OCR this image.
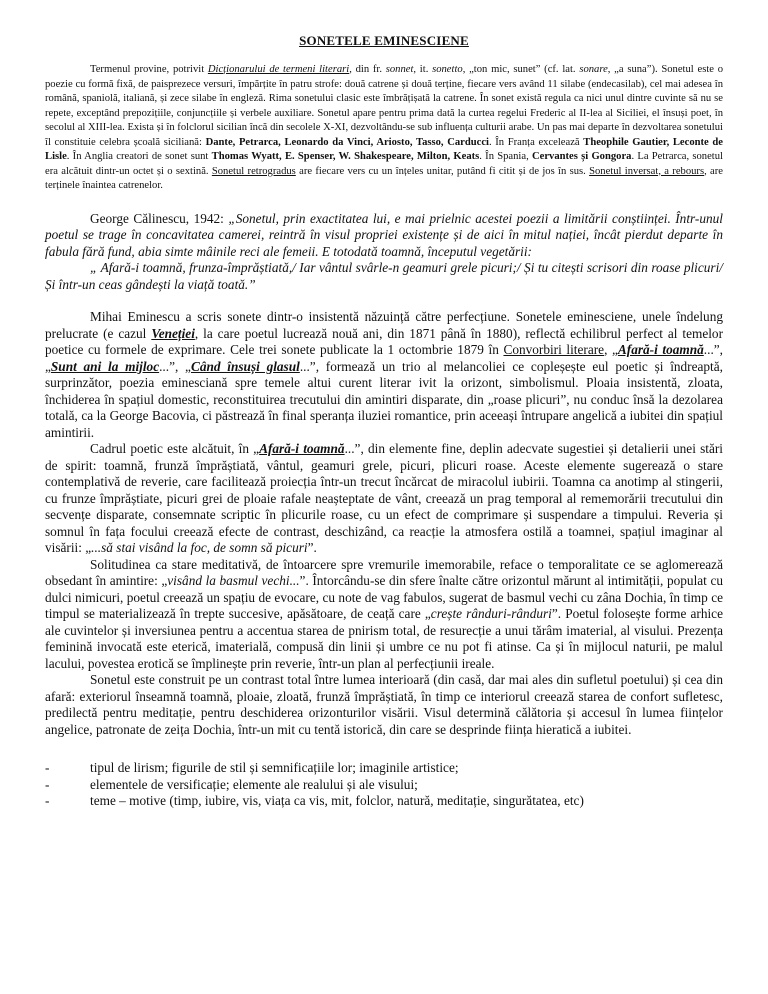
SONETELE EMINESCIENE

Termenul provine, potrivit Dicționarului de termeni literari, din fr. sonnet, it. sonetto, „ton mic, sunet” (cf. lat. sonare, „a suna”). Sonetul este o poezie cu formă fixă, de paisprezece versuri, împărțite în patru strofe: două catrene și două terține, fiecare vers având 11 silabe (endecasilab), cel mai adesea în română, spaniolă, italiană, și zece silabe în engleză. Rima sonetului clasic este îmbrățișată la catrene. În sonet există regula ca nici unul dintre cuvinte să nu se repete, exceptând prepozițiile, conjuncțiile și verbele auxiliare. Sonetul apare pentru prima dată la curtea regelui Frederic al II-lea al Siciliei, el însuși poet, în secolul al XIII-lea. Exista și în folclorul sicilian încă din secolele X-XI, dezvoltându-se sub influența culturii arabe. Un pas mai departe în dezvoltarea sonetului îl constituie celebra școală siciliană: Dante, Petrarca, Leonardo da Vinci, Ariosto, Tasso, Carducci. În Franța excelează Theophile Gautier, Leconte de Lisle. În Anglia creatori de sonet sunt Thomas Wyatt, E. Spenser, W. Shakespeare, Milton, Keats. În Spania, Cervantes și Gongora. La Petrarca, sonetul era alcătuit dintr-un octet și o sextină. Sonetul retrogradus are fiecare vers cu un înțeles unitar, putând fi citit și de jos în sus. Sonetul inversat, a rebours, are terținele înaintea catrenelor.

George Călinescu, 1942: „Sonetul, prin exactitatea lui, e mai prielnic acestei poezii a limitării conștiinței. Într-unul poetul se trage în concavitatea camerei, reintră în visul propriei existențe și de aici în mitul nației, încât pierdut departe în fabula fără fund, abia simte mâinile reci ale femeii. E totodată toamnă, începutul vegetării:

„ Afară-i toamnă, frunza-împrăștiată,/ Iar vântul svârle-n geamuri grele picuri;/ Și tu citești scrisori din roase plicuri/ Și într-un ceas gândești la viață toată.”

Mihai Eminescu a scris sonete dintr-o insistentă năzuință către perfecțiune. Sonetele eminesciene, unele îndelung prelucrate (e cazul Veneției, la care poetul lucrează nouă ani, din 1871 până în 1880), reflectă echilibrul perfect al temelor poetice cu formele de exprimare. Cele trei sonete publicate la 1 octombrie 1879 în Convorbiri literare, „Afară-i toamnă...”, „Sunt ani la mijloc...”, „Când însuși glasul...”, formează un trio al melancoliei ce copleșește eul poetic și îndreaptă, surprinzător, poezia eminesciană spre temele altui curent literar ivit la orizont, simbolismul. Ploaia insistentă, zloata, închiderea în spațiul domestic, reconstituirea trecutului din amintiri disparate, din „roase plicuri”, nu conduc însă la dezolarea totală, ca la George Bacovia, ci păstrează în final speranța iluziei romantice, prin aceeași întrupare angelică a iubitei din spațiul amintirii.

Cadrul poetic este alcătuit, în „Afară-i toamnă...”, din elemente fine, deplin adecvate sugestiei și detalierii unei stări de spirit: toamnă, frunză împrăștiată, vântul, geamuri grele, picuri, plicuri roase. Aceste elemente sugerează o stare contemplativă de reverie, care facilitează proiecția într-un trecut încărcat de miracolul iubirii. Toamna ca anotimp al stingerii, cu frunze împrăștiate, picuri grei de ploaie rafale neașteptate de vânt, creează un prag temporal al rememorării trecutului din secvențe disparate, consemnate scriptic în plicurile roase, cu un efect de comprimare și suspendare a timpului. Reveria și somnul în fața focului creează efecte de contrast, deschizând, ca reacție la atmosfera ostilă a toamnei, spațiul imaginar al visării: „...să stai visând la foc, de somn să picuri”.

Solitudinea ca stare meditativă, de întoarcere spre vremurile imemorabile, reface o temporalitate ce se aglomerează obsedant în amintire: „visând la basmul vechi...”. Întorcându-se din sfere înalte către orizontul mărunt al intimității, populat cu dulci nimicuri, poetul creează un spațiu de evocare, cu note de vag fabulos, sugerat de basmul vechi cu zâna Dochia, în timp ce timpul se materializează în trepte succesive, apăsătoare, de ceață care „crește rânduri-rânduri”. Poetul folosește forme arhice ale cuvintelor și inversiunea pentru a accentua starea de pnirism total, de resurecție a unui tărâm imaterial, al visului. Prezența feminină invocată este eterică, imaterială, compusă din linii și umbre ce nu pot fi atinse. Ca și în mijlocul naturii, pe malul lacului, povestea erotică se împlinește prin reverie, într-un plan al perfecțiunii ireale.

Sonetul este construit pe un contrast total între lumea interioară (din casă, dar mai ales din sufletul poetului) și cea din afară: exteriorul înseamnă toamnă, ploaie, zloată, frunză împrăștiată, în timp ce interiorul creează starea de confort sufletesc, predilectă pentru meditație, pentru deschiderea orizonturilor visării. Visul determină călătoria și accesul în lumea ființelor angelice, patronate de zeița Dochia, într-un mit cu tentă istorică, din care se desprinde ființa hieratică a iubitei.

-	tipul de lirism; figurile de stil și semnificațiile lor; imaginile artistice;
-	elementele de versificație; elemente ale realului și ale visului;
-	teme – motive (timp, iubire, vis, viața ca vis, mit, folclor, natură, meditație, singurătatea, etc)
